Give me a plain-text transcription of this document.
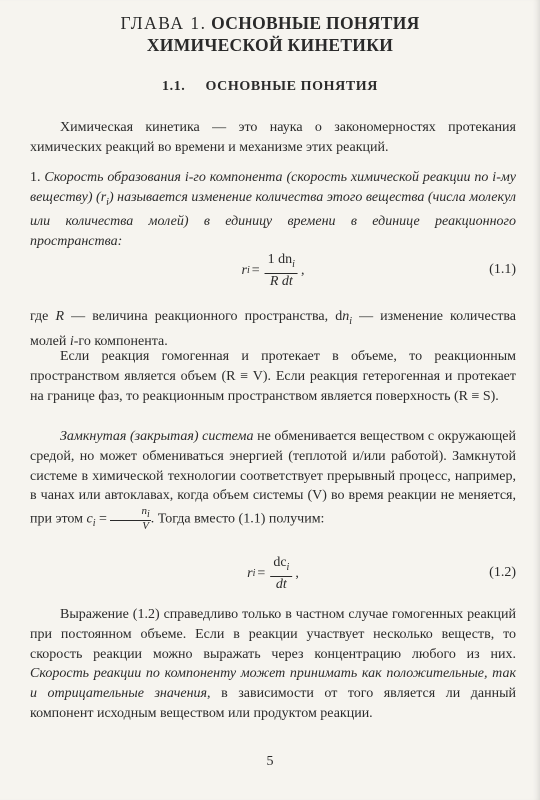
ГЛАВА 1. ОСНОВНЫЕ ПОНЯТИЯ
ХИМИЧЕСКОЙ КИНЕТИКИ
1.1. ОСНОВНЫЕ ПОНЯТИЯ

Химическая кинетика — это наука о закономерностях протекания химических реакций во времени и механизме этих реакций.

1. Скорость образования i-го компонента (скорость химической реакции по i-му веществу) $(r_i)$ называется изменение количества этого вещества (числа молекул или количества молей) в единицу времени в единице реакционного пространства:

r $i = \frac{1 dn_i}{\text{R dt}}$ ,	(1.1)

где R — величина реакционного пространства, $dn_i$ — изменение количества молей i-го компонента.

Если реакция гомогенная и протекает в объеме, то реакционным пространством является объем (R ≡ V). Если реакция гетерогенная и протекает на границе фаз, то реакционным пространством является поверхность (R ≡ S).

Замкнутая (закрытая) система не обменивается веществом с окружающей средой, но может обмениваться энергией (теплотой и/или работой). Замкнутой системе в химической технологии соответствует прерывный процесс, например, в чанах или автоклавах, когда объем системы (V) во время реакции не меняется, при этом $c_i = \frac{n_i}{V}$ . Тогда вместо (1.1) получим:

r $i = \frac{dc_i}{dt}$ ,	(1.2)

Выражение (1.2) справедливо только в частном случае гомогенных реакций при постоянном объеме. Если в реакции участвует несколько веществ, то скорость реакции можно выражать через концентрацию любого из них. Скорость реакции по компоненту может принимать как положительные, так и отрицательные значения, в зависимости от того является ли данный компонент исходным веществом или продуктом реакции.

5
